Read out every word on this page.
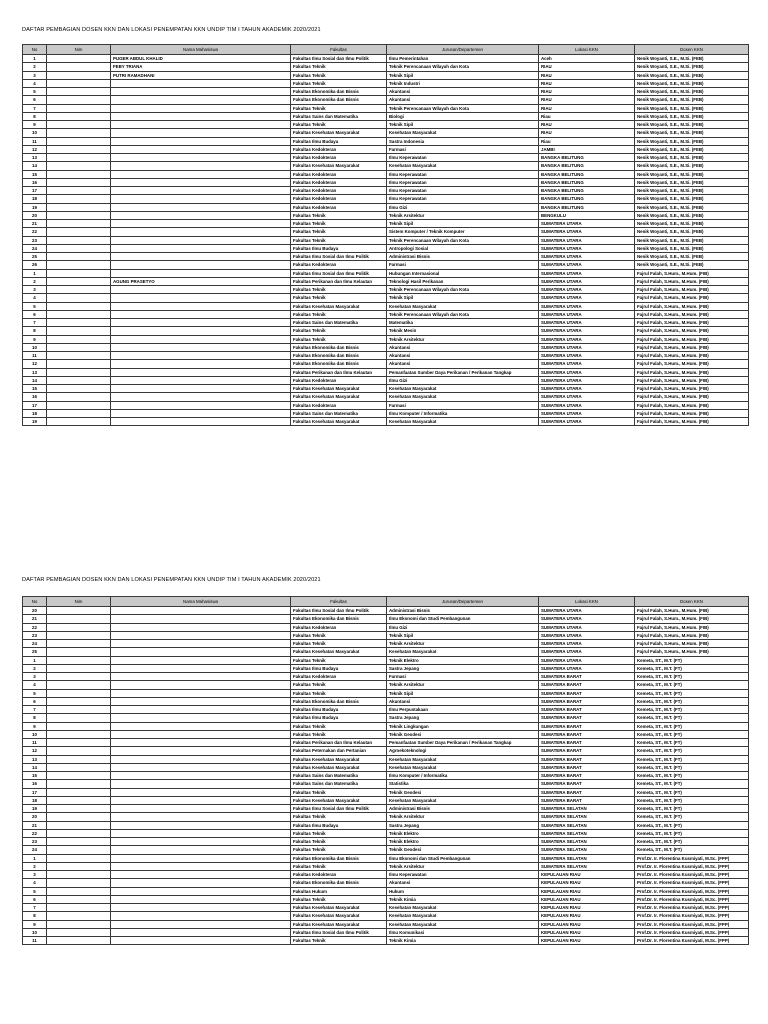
DAFTAR PEMBAGIAN DOSEN KKN DAN LOKASI PENEMPATAN KKN UNDIP TIM I TAHUN AKADEMIK 2020/2021
No	Nim	Nama Mahasiswa	Fakultas	Jurusan/Departemen	Lokasi KKN	Dosen KKN
1		PUGER ABDUL KHALID	Fakultas Ilmu Sosial dan Ilmu Politik	Ilmu Pemerintahan	Aceh	Nenik Woyanti, S.E., M.Si. (FEB)
2		FEBY TRIANA	Fakultas Teknik	Teknik Perencanaan Wilayah dan Kota	RIAU	Nenik Woyanti, S.E., M.Si. (FEB)
3		PUTRI RAMADHANI	Fakultas Teknik	Teknik Sipil	RIAU	Nenik Woyanti, S.E., M.Si. (FEB)
4			Fakultas Teknik	Teknik Industri	RIAU	Nenik Woyanti, S.E., M.Si. (FEB)
5			Fakultas Ekonomika dan Bisnis	Akuntansi	RIAU	Nenik Woyanti, S.E., M.Si. (FEB)
6			Fakultas Ekonomika dan Bisnis	Akuntansi	RIAU	Nenik Woyanti, S.E., M.Si. (FEB)
7			Fakultas Teknik	Teknik Perencanaan Wilayah dan Kota	RIAU	Nenik Woyanti, S.E., M.Si. (FEB)
8			Fakultas Sains dan Matematika	Biologi	Riau	Nenik Woyanti, S.E., M.Si. (FEB)
9			Fakultas Teknik	Teknik Sipil	RIAU	Nenik Woyanti, S.E., M.Si. (FEB)
10			Fakultas Kesehatan Masyarakat	Kesehatan Masyarakat	RIAU	Nenik Woyanti, S.E., M.Si. (FEB)
11			Fakultas Ilmu Budaya	Sastra Indonesia	Riau	Nenik Woyanti, S.E., M.Si. (FEB)
12			Fakultas Kedokteran	Farmasi	JAMBI	Nenik Woyanti, S.E., M.Si. (FEB)
13			Fakultas Kedokteran	Ilmu Keperawatan	BANGKA BELITUNG	Nenik Woyanti, S.E., M.Si. (FEB)
14			Fakultas Kesehatan Masyarakat	Kesehatan Masyarakat	BANGKA BELITUNG	Nenik Woyanti, S.E., M.Si. (FEB)
15			Fakultas Kedokteran	Ilmu Keperawatan	BANGKA BELITUNG	Nenik Woyanti, S.E., M.Si. (FEB)
16			Fakultas Kedokteran	Ilmu Keperawatan	BANGKA BELITUNG	Nenik Woyanti, S.E., M.Si. (FEB)
17			Fakultas Kedokteran	Ilmu Keperawatan	BANGKA BELITUNG	Nenik Woyanti, S.E., M.Si. (FEB)
18			Fakultas Kedokteran	Ilmu Keperawatan	BANGKA BELITUNG	Nenik Woyanti, S.E., M.Si. (FEB)
19			Fakultas Kedokteran	Ilmu Gizi	BANGKA BELITUNG	Nenik Woyanti, S.E., M.Si. (FEB)
20			Fakultas Teknik	Teknik Arsitektur	BENGKULU	Nenik Woyanti, S.E., M.Si. (FEB)
21			Fakultas Teknik	Teknik Sipil	SUMATERA UTARA	Nenik Woyanti, S.E., M.Si. (FEB)
22			Fakultas Teknik	Sistem Komputer / Teknik Komputer	SUMATERA UTARA	Nenik Woyanti, S.E., M.Si. (FEB)
23			Fakultas Teknik	Teknik Perencanaan Wilayah dan Kota	SUMATERA UTARA	Nenik Woyanti, S.E., M.Si. (FEB)
24			Fakultas Ilmu Budaya	Antropologi Sosial	SUMATERA UTARA	Nenik Woyanti, S.E., M.Si. (FEB)
25			Fakultas Ilmu Sosial dan Ilmu Politik	Administrasi Bisnis	SUMATERA UTARA	Nenik Woyanti, S.E., M.Si. (FEB)
26			Fakultas Kedokteran	Farmasi	SUMATERA UTARA	Nenik Woyanti, S.E., M.Si. (FEB)
1			Fakultas Ilmu Sosial dan Ilmu Politik	Hubungan Internasional	SUMATERA UTARA	Fajrul Falah, S.Hum., M.Hum. (FIB)
2		AGUNG PRASETYO	Fakultas Perikanan dan Ilmu Kelautan	Teknologi Hasil Perikanan	SUMATERA UTARA	Fajrul Falah, S.Hum., M.Hum. (FIB)
3			Fakultas Teknik	Teknik Perencanaan Wilayah dan Kota	SUMATERA UTARA	Fajrul Falah, S.Hum., M.Hum. (FIB)
4			Fakultas Teknik	Teknik Sipil	SUMATERA UTARA	Fajrul Falah, S.Hum., M.Hum. (FIB)
5			Fakultas Kesehatan Masyarakat	Kesehatan Masyarakat	SUMATERA UTARA	Fajrul Falah, S.Hum., M.Hum. (FIB)
6			Fakultas Teknik	Teknik Perencanaan Wilayah dan Kota	SUMATERA UTARA	Fajrul Falah, S.Hum., M.Hum. (FIB)
7			Fakultas Sains dan Matematika	Matematika	SUMATERA UTARA	Fajrul Falah, S.Hum., M.Hum. (FIB)
8			Fakultas Teknik	Teknik Mesin	SUMATERA UTARA	Fajrul Falah, S.Hum., M.Hum. (FIB)
9			Fakultas Teknik	Teknik Arsitektur	SUMATERA UTARA	Fajrul Falah, S.Hum., M.Hum. (FIB)
10			Fakultas Ekonomika dan Bisnis	Akuntansi	SUMATERA UTARA	Fajrul Falah, S.Hum., M.Hum. (FIB)
11			Fakultas Ekonomika dan Bisnis	Akuntansi	SUMATERA UTARA	Fajrul Falah, S.Hum., M.Hum. (FIB)
12			Fakultas Ekonomika dan Bisnis	Akuntansi	SUMATERA UTARA	Fajrul Falah, S.Hum., M.Hum. (FIB)
13			Fakultas Perikanan dan Ilmu Kelautan	Pemanfaatan Sumber Daya Perikanan / Perikanan Tangkap	SUMATERA UTARA	Fajrul Falah, S.Hum., M.Hum. (FIB)
14			Fakultas Kedokteran	Ilmu Gizi	SUMATERA UTARA	Fajrul Falah, S.Hum., M.Hum. (FIB)
15			Fakultas Kesehatan Masyarakat	Kesehatan Masyarakat	SUMATERA UTARA	Fajrul Falah, S.Hum., M.Hum. (FIB)
16			Fakultas Kesehatan Masyarakat	Kesehatan Masyarakat	SUMATERA UTARA	Fajrul Falah, S.Hum., M.Hum. (FIB)
17			Fakultas Kedokteran	Farmasi	SUMATERA UTARA	Fajrul Falah, S.Hum., M.Hum. (FIB)
18			Fakultas Sains dan Matematika	Ilmu Komputer / Informatika	SUMATERA UTARA	Fajrul Falah, S.Hum., M.Hum. (FIB)
19			Fakultas Kesehatan Masyarakat	Kesehatan Masyarakat	SUMATERA UTARA	Fajrul Falah, S.Hum., M.Hum. (FIB)
DAFTAR PEMBAGIAN DOSEN KKN DAN LOKASI PENEMPATAN KKN UNDIP TIM I TAHUN AKADEMIK 2020/2021
No	Nim	Nama Mahasiswa	Fakultas	Jurusan/Departemen	Lokasi KKN	Dosen KKN
20			Fakultas Ilmu Sosial dan Ilmu Politik	Administrasi Bisnis	SUMATERA UTARA	Fajrul Falah, S.Hum., M.Hum. (FIB)
21			Fakultas Ekonomika dan Bisnis	Ilmu Ekonomi dan Studi Pembangunan	SUMATERA UTARA	Fajrul Falah, S.Hum., M.Hum. (FIB)
22			Fakultas Kedokteran	Ilmu Gizi	SUMATERA UTARA	Fajrul Falah, S.Hum., M.Hum. (FIB)
23			Fakultas Teknik	Teknik Sipil	SUMATERA UTARA	Fajrul Falah, S.Hum., M.Hum. (FIB)
24			Fakultas Teknik	Teknik Arsitektur	SUMATERA UTARA	Fajrul Falah, S.Hum., M.Hum. (FIB)
25			Fakultas Kesehatan Masyarakat	Kesehatan Masyarakat	SUMATERA UTARA	Fajrul Falah, S.Hum., M.Hum. (FIB)
1			Fakultas Teknik	Teknik Elektro	SUMATERA UTARA	Kemeta, ST., M.T. (FT)
2			Fakultas Ilmu Budaya	Sastra Jepang	SUMATERA UTARA	Kemeta, ST., M.T. (FT)
3			Fakultas Kedokteran	Farmasi	SUMATERA BARAT	Kemeta, ST., M.T. (FT)
4			Fakultas Teknik	Teknik Arsitektur	SUMATERA BARAT	Kemeta, ST., M.T. (FT)
5			Fakultas Teknik	Teknik Sipil	SUMATERA BARAT	Kemeta, ST., M.T. (FT)
6			Fakultas Ekonomika dan Bisnis	Akuntansi	SUMATERA BARAT	Kemeta, ST., M.T. (FT)
7			Fakultas Ilmu Budaya	Ilmu Perpustakaan	SUMATERA BARAT	Kemeta, ST., M.T. (FT)
8			Fakultas Ilmu Budaya	Sastra Jepang	SUMATERA BARAT	Kemeta, ST., M.T. (FT)
9			Fakultas Teknik	Teknik Lingkungan	SUMATERA BARAT	Kemeta, ST., M.T. (FT)
10			Fakultas Teknik	Teknik Geodesi	SUMATERA BARAT	Kemeta, ST., M.T. (FT)
11			Fakultas Perikanan dan Ilmu Kelautan	Pemanfaatan Sumber Daya Perikanan / Perikanan Tangkap	SUMATERA BARAT	Kemeta, ST., M.T. (FT)
12			Fakultas Peternakan dan Pertanian	Agroekoteknologi	SUMATERA BARAT	Kemeta, ST., M.T. (FT)
13			Fakultas Kesehatan Masyarakat	Kesehatan Masyarakat	SUMATERA BARAT	Kemeta, ST., M.T. (FT)
14			Fakultas Kesehatan Masyarakat	Kesehatan Masyarakat	SUMATERA BARAT	Kemeta, ST., M.T. (FT)
15			Fakultas Sains dan Matematika	Ilmu Komputer / Informatika	SUMATERA BARAT	Kemeta, ST., M.T. (FT)
16			Fakultas Sains dan Matematika	Statistika	SUMATERA BARAT	Kemeta, ST., M.T. (FT)
17			Fakultas Teknik	Teknik Geodesi	SUMATERA BARAT	Kemeta, ST., M.T. (FT)
18			Fakultas Kesehatan Masyarakat	Kesehatan Masyarakat	SUMATERA BARAT	Kemeta, ST., M.T. (FT)
19			Fakultas Ilmu Sosial dan Ilmu Politik	Administrasi Bisnis	SUMATERA SELATAN	Kemeta, ST., M.T. (FT)
20			Fakultas Teknik	Teknik Arsitektur	SUMATERA SELATAN	Kemeta, ST., M.T. (FT)
21			Fakultas Ilmu Budaya	Sastra Jepang	SUMATERA SELATAN	Kemeta, ST., M.T. (FT)
22			Fakultas Teknik	Teknik Elektro	SUMATERA SELATAN	Kemeta, ST., M.T. (FT)
23			Fakultas Teknik	Teknik Elektro	SUMATERA SELATAN	Kemeta, ST., M.T. (FT)
24			Fakultas Teknik	Teknik Geodesi	SUMATERA SELATAN	Kemeta, ST., M.T. (FT)
1			Fakultas Ekonomika dan Bisnis	Ilmu Ekonomi dan Studi Pembangunan	SUMATERA SELATAN	Prof.Dr. Ir. Florentina Kusmiyati, M.Sc. (FPP)
2			Fakultas Teknik	Teknik Arsitektur	SUMATERA SELATAN	Prof.Dr. Ir. Florentina Kusmiyati, M.Sc. (FPP)
3			Fakultas Kedokteran	Ilmu Keperawatan	KEPULAUAN RIAU	Prof.Dr. Ir. Florentina Kusmiyati, M.Sc. (FPP)
4			Fakultas Ekonomika dan Bisnis	Akuntansi	KEPULAUAN RIAU	Prof.Dr. Ir. Florentina Kusmiyati, M.Sc. (FPP)
5			Fakultas Hukum	Hukum	KEPULAUAN RIAU	Prof.Dr. Ir. Florentina Kusmiyati, M.Sc. (FPP)
6			Fakultas Teknik	Teknik Kimia	KEPULAUAN RIAU	Prof.Dr. Ir. Florentina Kusmiyati, M.Sc. (FPP)
7			Fakultas Kesehatan Masyarakat	Kesehatan Masyarakat	KEPULAUAN RIAU	Prof.Dr. Ir. Florentina Kusmiyati, M.Sc. (FPP)
8			Fakultas Kesehatan Masyarakat	Kesehatan Masyarakat	KEPULAUAN RIAU	Prof.Dr. Ir. Florentina Kusmiyati, M.Sc. (FPP)
9			Fakultas Kesehatan Masyarakat	Kesehatan Masyarakat	KEPULAUAN RIAU	Prof.Dr. Ir. Florentina Kusmiyati, M.Sc. (FPP)
10			Fakultas Ilmu Sosial dan Ilmu Politik	Ilmu Komunikasi	KEPULAUAN RIAU	Prof.Dr. Ir. Florentina Kusmiyati, M.Sc. (FPP)
11			Fakultas Teknik	Teknik Kimia	KEPULAUAN RIAU	Prof.Dr. Ir. Florentina Kusmiyati, M.Sc. (FPP)
